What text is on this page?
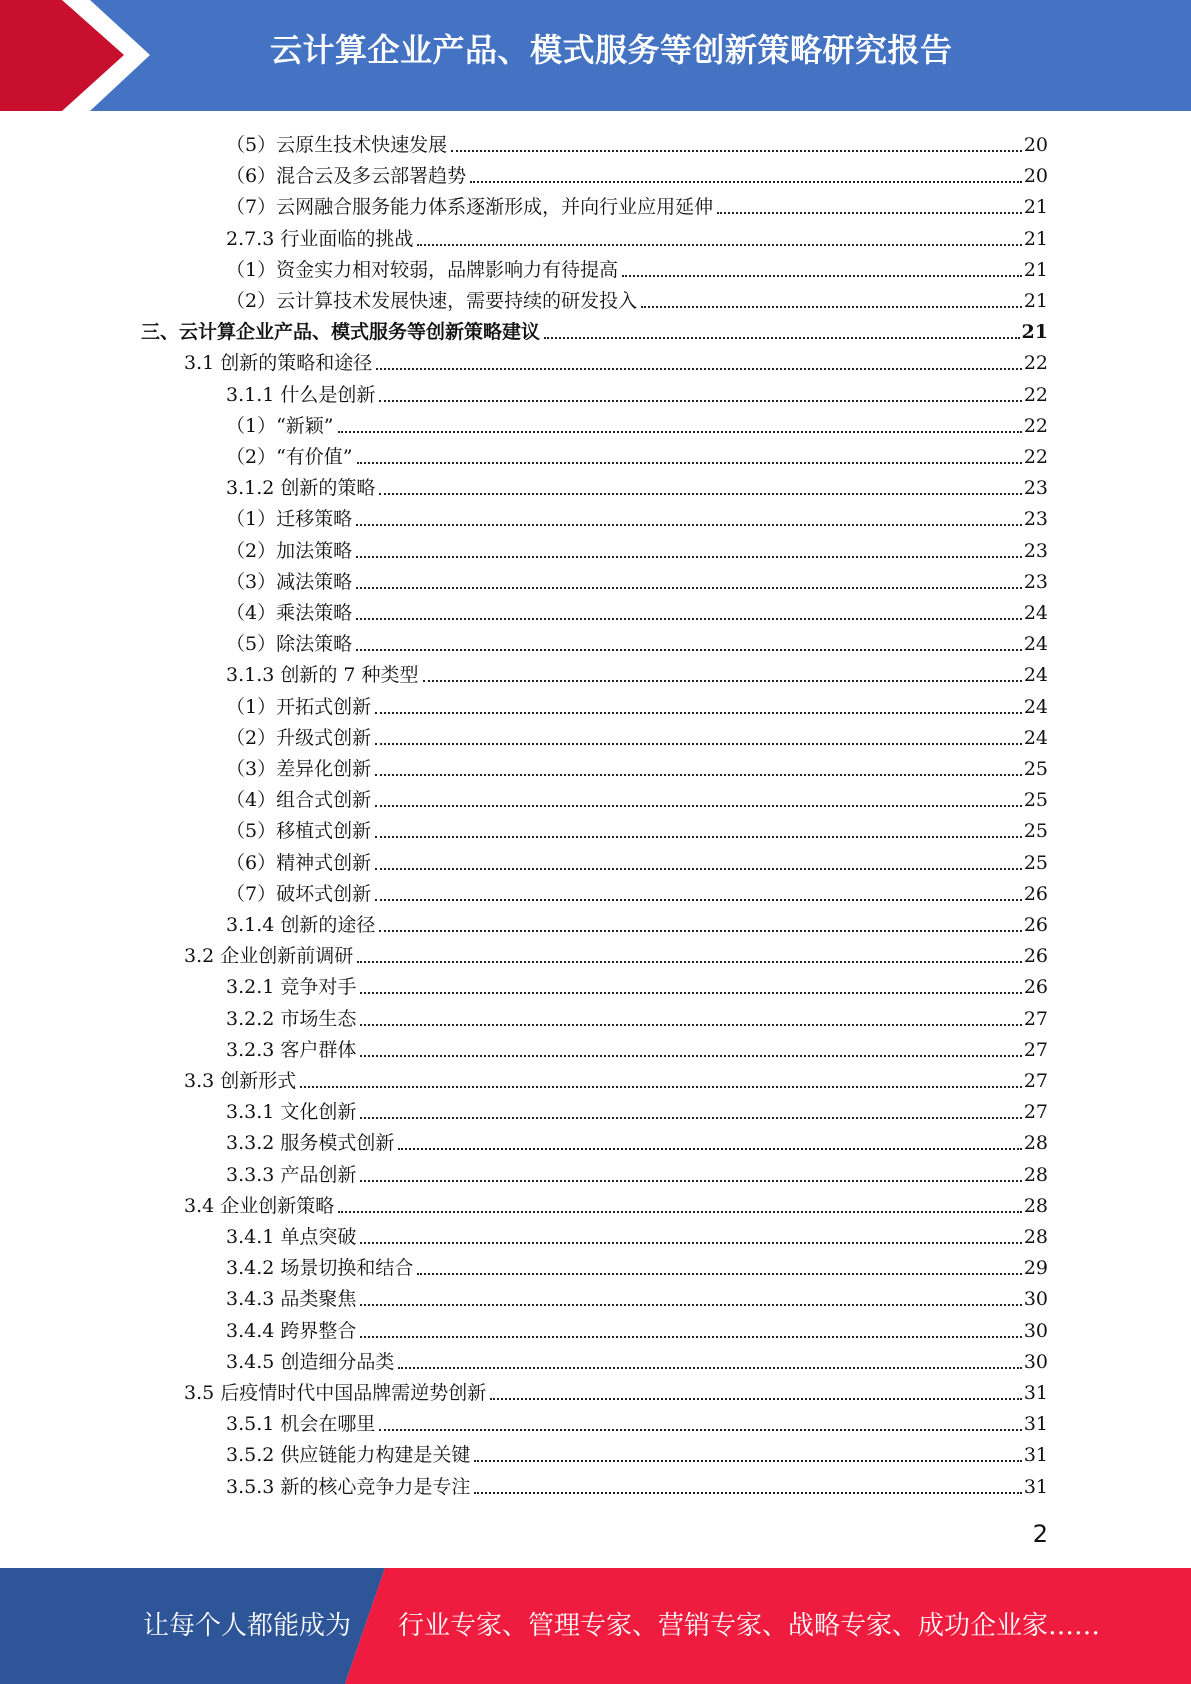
云计算企业产品、模式服务等创新策略研究报告
（5）云原生技术快速发展	20
（6）混合云及多云部署趋势	20
（7）云网融合服务能力体系逐渐形成，并向行业应用延伸	21
2.7.3 行业面临的挑战	21
（1）资金实力相对较弱，品牌影响力有待提高	21
（2）云计算技术发展快速，需要持续的研发投入	21
三、云计算企业产品、模式服务等创新策略建议	21
3.1 创新的策略和途径	22
3.1.1 什么是创新	22
（1）“新颖”	22
（2）“有价值”	22
3.1.2 创新的策略	23
（1）迁移策略	23
（2）加法策略	23
（3）减法策略	23
（4）乘法策略	24
（5）除法策略	24
3.1.3 创新的 7 种类型	24
（1）开拓式创新	24
（2）升级式创新	24
（3）差异化创新	25
（4）组合式创新	25
（5）移植式创新	25
（6）精神式创新	25
（7）破坏式创新	26
3.1.4 创新的途径	26
3.2 企业创新前调研	26
3.2.1 竞争对手	26
3.2.2 市场生态	27
3.2.3 客户群体	27
3.3 创新形式	27
3.3.1 文化创新	27
3.3.2 服务模式创新	28
3.3.3 产品创新	28
3.4 企业创新策略	28
3.4.1 单点突破	28
3.4.2 场景切换和结合	29
3.4.3 品类聚焦	30
3.4.4 跨界整合	30
3.4.5 创造细分品类	30
3.5 后疫情时代中国品牌需逆势创新	31
3.5.1 机会在哪里	31
3.5.2 供应链能力构建是关键	31
3.5.3 新的核心竞争力是专注	31
2
让每个人都能成为 行业专家、管理专家、营销专家、战略专家、成功企业家……
